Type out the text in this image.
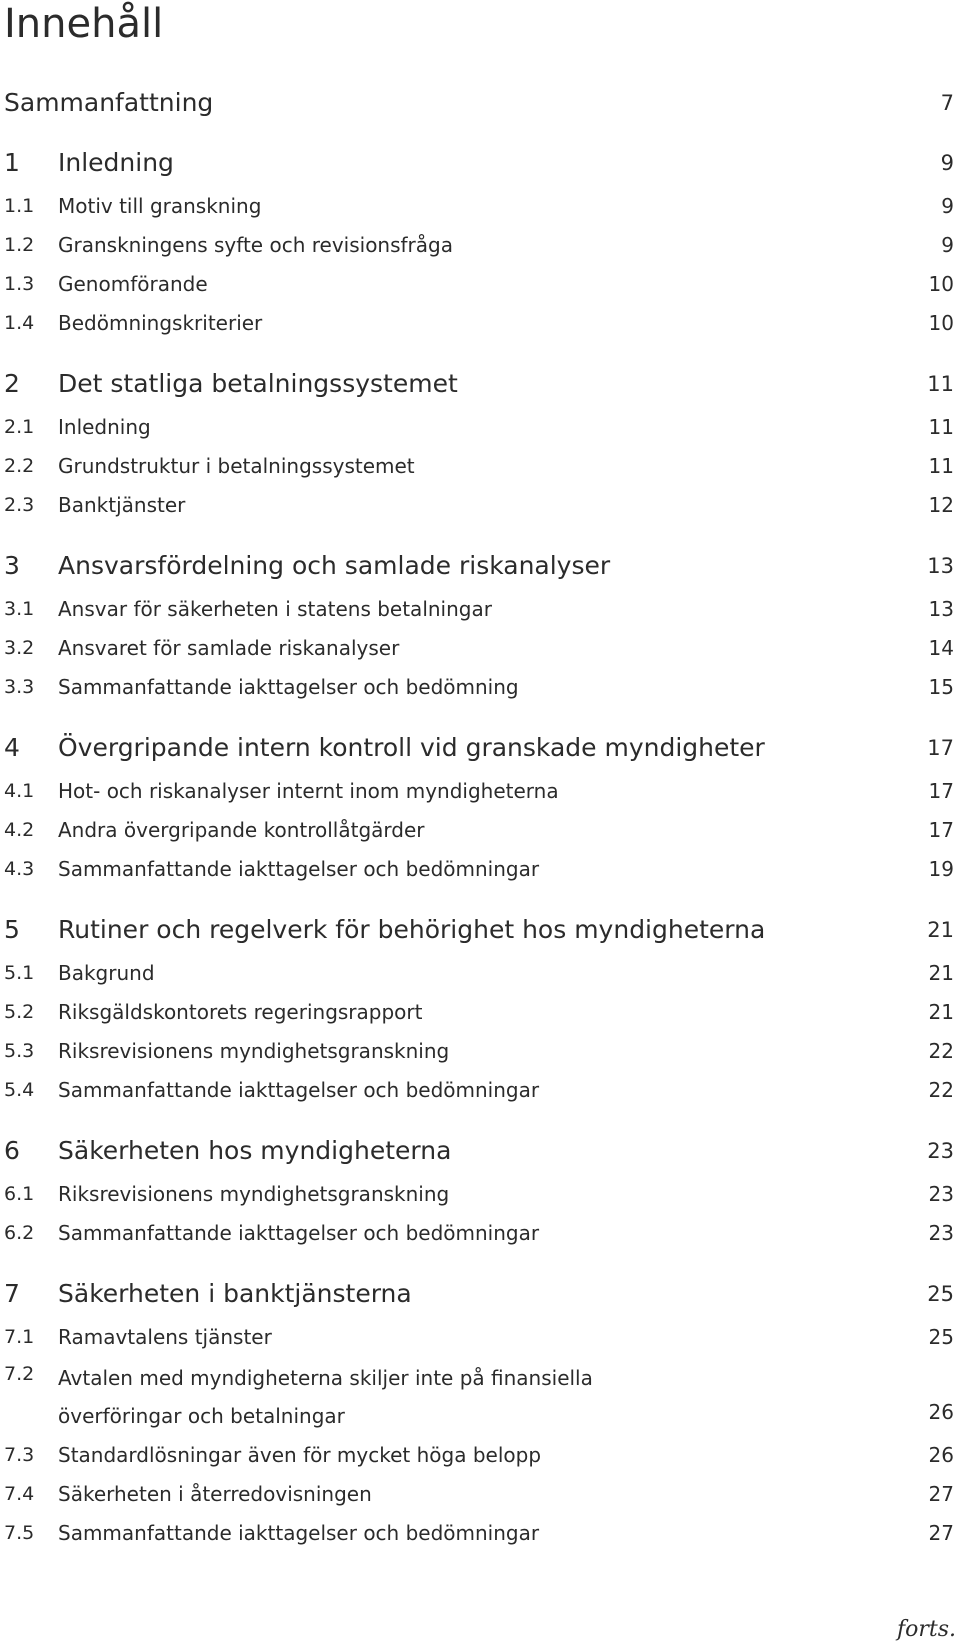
Innehåll
Sammanfattning	7
1 Inledning	9
1.1 Motiv till granskning	9
1.2 Granskningens syfte och revisionsfråga	9
1.3 Genomförande	10
1.4 Bedömningskriterier	10
2 Det statliga betalningssystemet	11
2.1 Inledning	11
2.2 Grundstruktur i betalningssystemet	11
2.3 Banktjänster	12
3 Ansvarsfördelning och samlade riskanalyser	13
3.1 Ansvar för säkerheten i statens betalningar	13
3.2 Ansvaret för samlade riskanalyser	14
3.3 Sammanfattande iakttagelser och bedömning	15
4 Övergripande intern kontroll vid granskade myndigheter	17
4.1 Hot- och riskanalyser internt inom myndigheterna	17
4.2 Andra övergripande kontrollåtgärder	17
4.3 Sammanfattande iakttagelser och bedömningar	19
5 Rutiner och regelverk för behörighet hos myndigheterna	21
5.1 Bakgrund	21
5.2 Riksgäldskontorets regeringsrapport	21
5.3 Riksrevisionens myndighetsgranskning	22
5.4 Sammanfattande iakttagelser och bedömningar	22
6 Säkerheten hos myndigheterna	23
6.1 Riksrevisionens myndighetsgranskning	23
6.2 Sammanfattande iakttagelser och bedömningar	23
7 Säkerheten i banktjänsterna	25
7.1 Ramavtalens tjänster	25
7.2 Avtalen med myndigheterna skiljer inte på finansiella överföringar och betalningar	26
7.3 Standardlösningar även för mycket höga belopp	26
7.4 Säkerheten i återredovisningen	27
7.5 Sammanfattande iakttagelser och bedömningar	27
forts.
